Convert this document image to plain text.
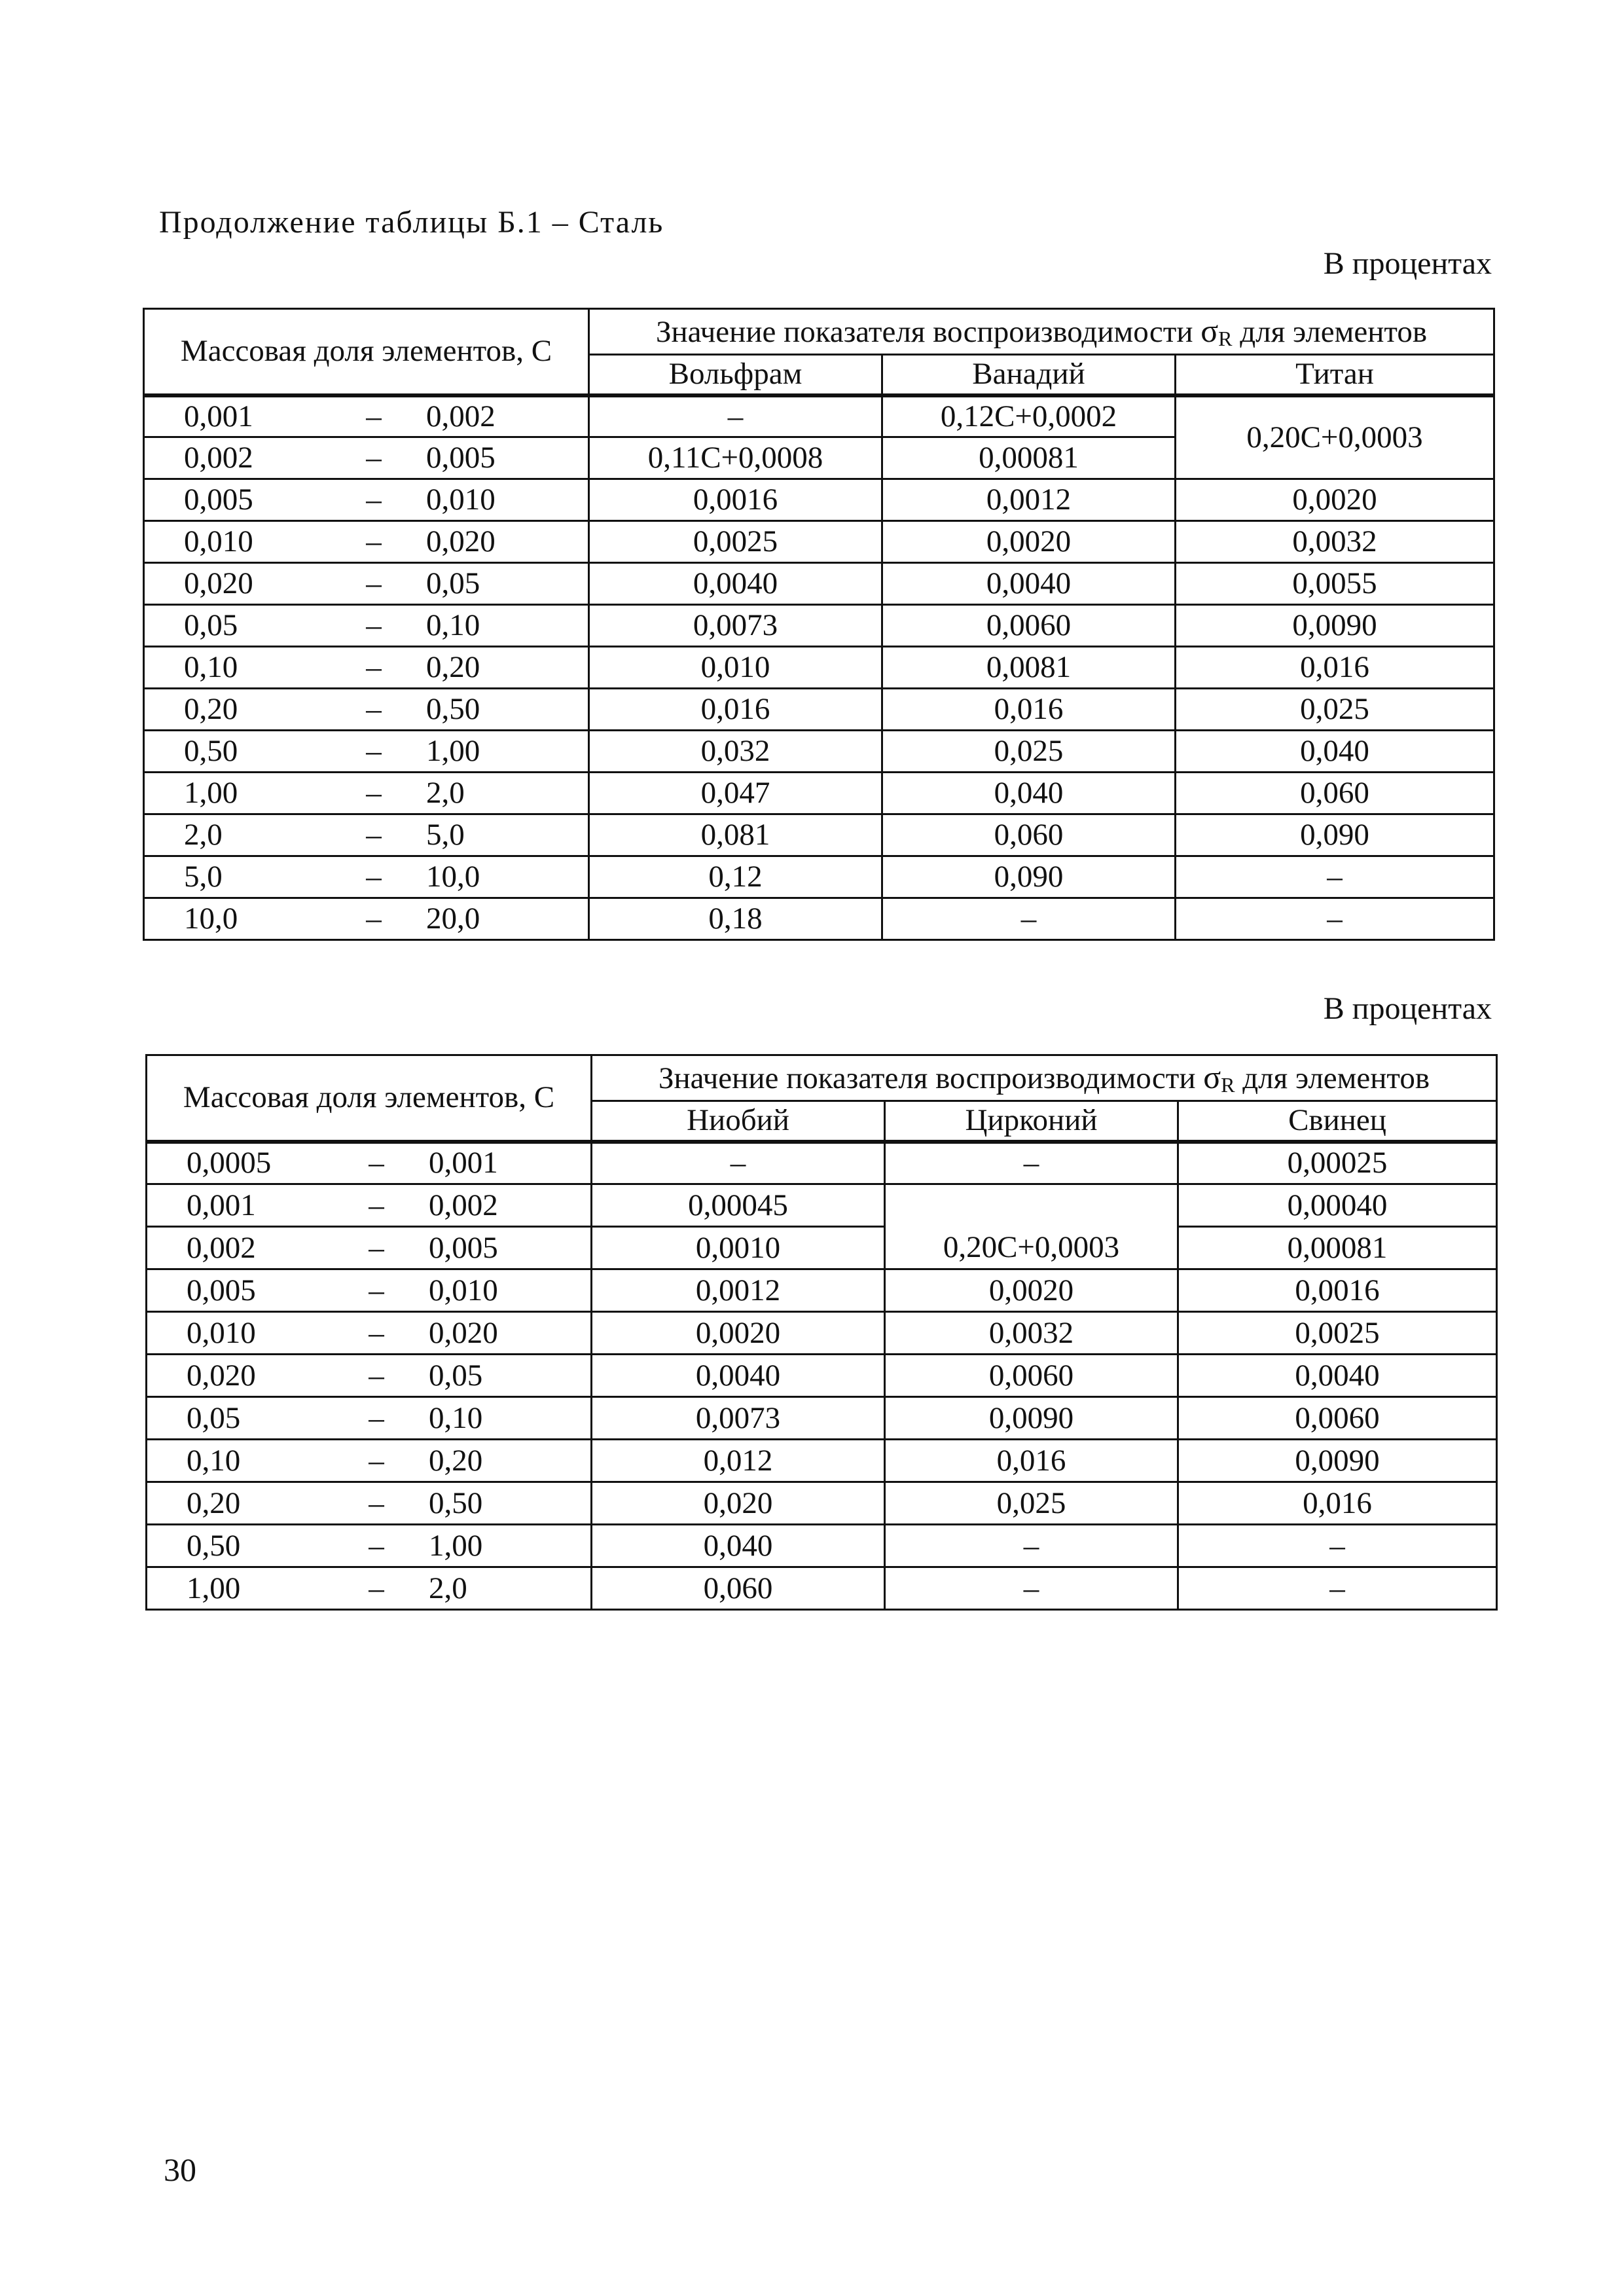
Продолжение таблицы Б.1 – Сталь
В процентах
Массовая доля элементов, С	Значение показателя воспроизводимости σR для элементов		
	Вольфрам	Ванадий	Титан

0,001 – 0,002	–	0,12С+0,0002	0,20С+0,0003

0,002 – 0,005	0,11С+0,0008	0,00081	

0,005 – 0,010	0,0016	0,0012	0,0020

0,010 – 0,020	0,0025	0,0020	0,0032

0,020 – 0,05	0,0040	0,0040	0,0055

0,05 – 0,10	0,0073	0,0060	0,0090

0,10 – 0,20	0,010	0,0081	0,016

0,20 – 0,50	0,016	0,016	0,025

0,50 – 1,00	0,032	0,025	0,040

1,00 – 2,0	0,047	0,040	0,060

2,0 – 5,0	0,081	0,060	0,090

5,0 – 10,0	0,12	0,090	–

10,0 – 20,0	0,18	–	–
В процентах
Массовая доля элементов, С	Значение показателя воспроизводимости σR для элементов		
	Ниобий	Цирконий	Свинец

0,0005 – 0,001	–	–	0,00025

0,001 – 0,002	0,00045	0,20С+0,0003	0,00040

0,002 – 0,005	0,0010		0,00081

0,005 – 0,010	0,0012	0,0020	0,0016

0,010 – 0,020	0,0020	0,0032	0,0025

0,020 – 0,05	0,0040	0,0060	0,0040

0,05 – 0,10	0,0073	0,0090	0,0060

0,10 – 0,20	0,012	0,016	0,0090

0,20 – 0,50	0,020	0,025	0,016

0,50 – 1,00	0,040	–	–

1,00 – 2,0	0,060	–	–
30
